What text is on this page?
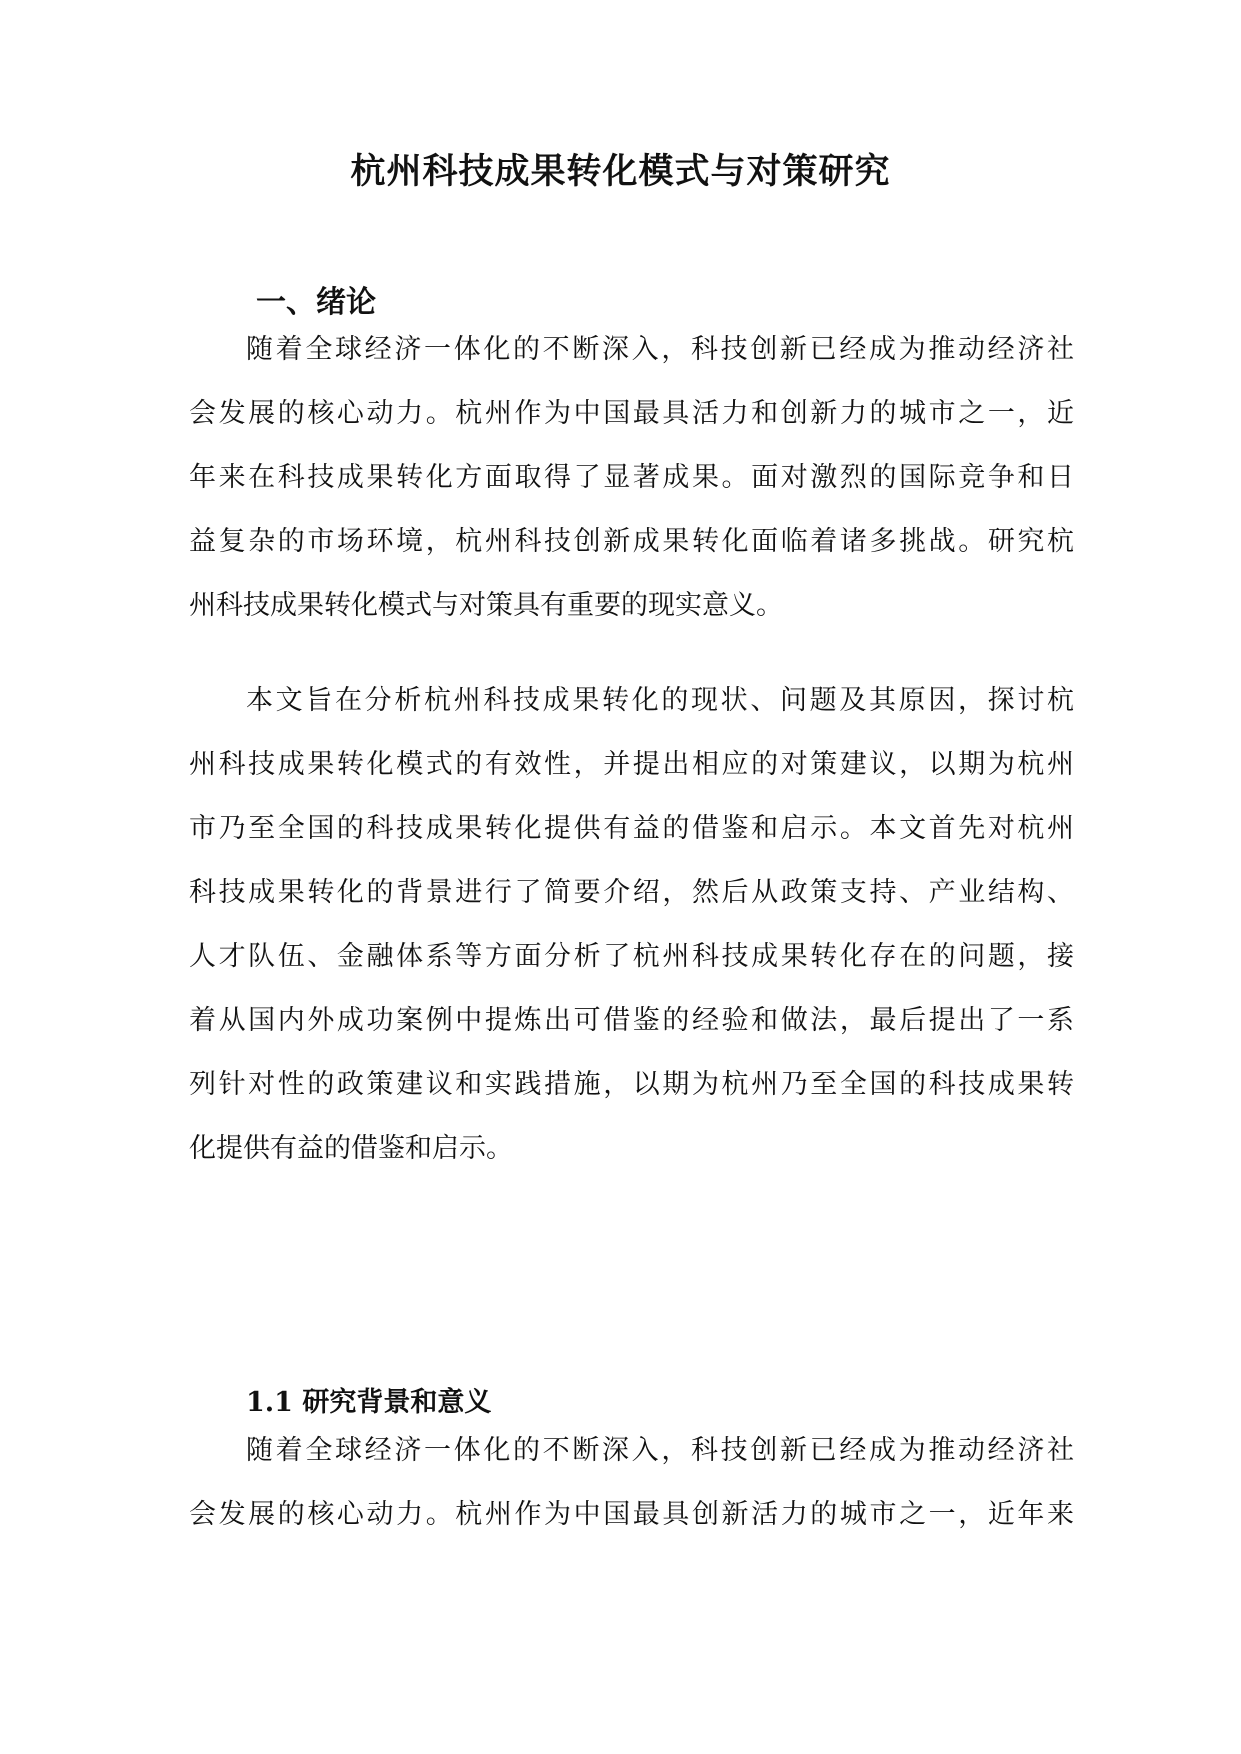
杭州科技成果转化模式与对策研究
一、绪论

随着全球经济一体化的不断深入，科技创新已经成为推动经济社

会发展的核心动力。杭州作为中国最具活力和创新力的城市之一，近

年来在科技成果转化方面取得了显著成果。面对激烈的国际竞争和日

益复杂的市场环境，杭州科技创新成果转化面临着诸多挑战。研究杭

州科技成果转化模式与对策具有重要的现实意义。

本文旨在分析杭州科技成果转化的现状、问题及其原因，探讨杭

州科技成果转化模式的有效性，并提出相应的对策建议，以期为杭州

市乃至全国的科技成果转化提供有益的借鉴和启示。本文首先对杭州

科技成果转化的背景进行了简要介绍，然后从政策支持、产业结构、

人才队伍、金融体系等方面分析了杭州科技成果转化存在的问题，接

着从国内外成功案例中提炼出可借鉴的经验和做法，最后提出了一系

列针对性的政策建议和实践措施，以期为杭州乃至全国的科技成果转

化提供有益的借鉴和启示。

1.1 研究背景和意义

随着全球经济一体化的不断深入，科技创新已经成为推动经济社

会发展的核心动力。杭州作为中国最具创新活力的城市之一，近年来
